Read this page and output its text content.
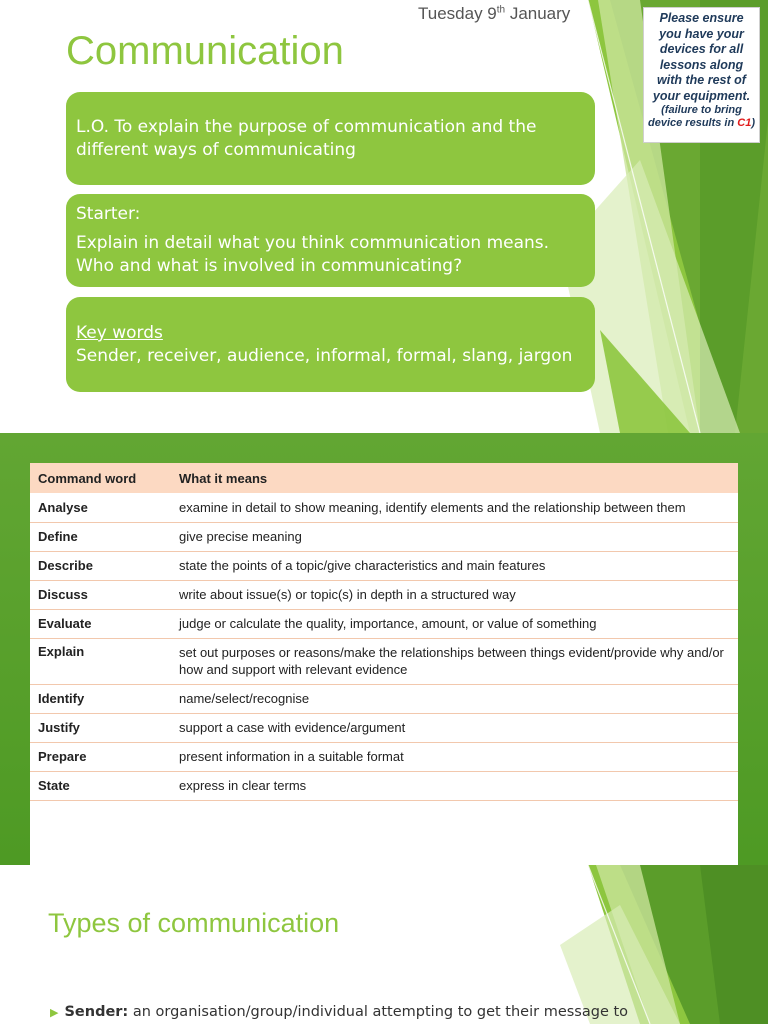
Tuesday 9th January	Please ensure you have your devices for all lessons along with the rest of your equipment.
(failure to bring device results in C1)
Communication
L.O. To explain the purpose of communication and the different ways of communicating
Starter:
Explain in detail what you think communication means. Who and what is involved in communicating?
Key words
Sender, receiver, audience, informal, formal, slang, jargon
Command word	What it means
Analyse	examine in detail to show meaning, identify elements and the relationship between them
Define	give precise meaning
Describe	state the points of a topic/give characteristics and main features
Discuss	write about issue(s) or topic(s) in depth in a structured way
Evaluate	judge or calculate the quality, importance, amount, or value of something
Explain	set out purposes or reasons/make the relationships between things evident/provide why and/or how and support with relevant evidence
Identify	name/select/recognise
Justify	support a case with evidence/argument
Prepare	present information in a suitable format
State	express in clear terms
Types of communication
▶ Sender: an organisation/group/individual attempting to get their message to
